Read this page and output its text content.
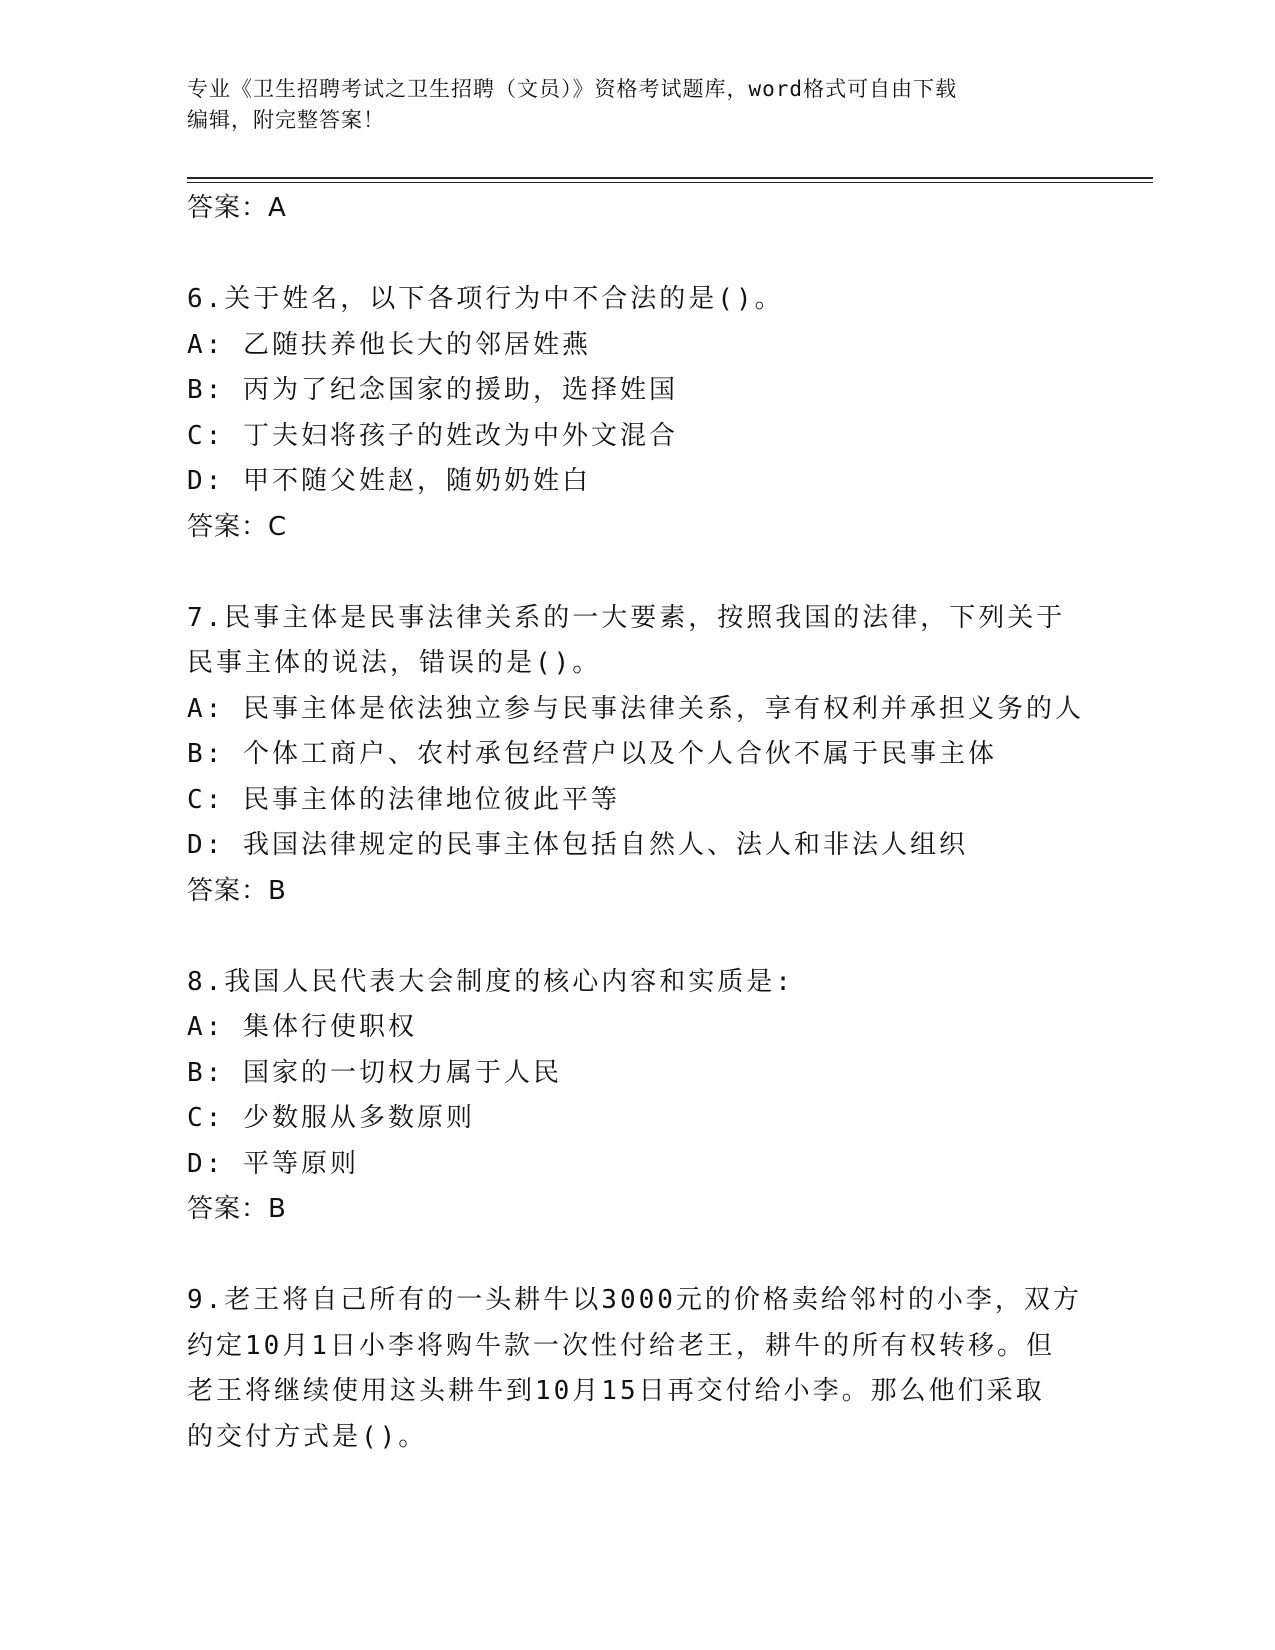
专业《卫生招聘考试之卫生招聘（文员）》资格考试题库，word格式可自由下载
编辑，附完整答案！
答案：A
6.关于姓名，以下各项行为中不合法的是()。
A: 乙随扶养他长大的邻居姓燕
B: 丙为了纪念国家的援助，选择姓国
C: 丁夫妇将孩子的姓改为中外文混合
D: 甲不随父姓赵，随奶奶姓白
答案：C
7.民事主体是民事法律关系的一大要素，按照我国的法律，下列关于
民事主体的说法，错误的是()。
A: 民事主体是依法独立参与民事法律关系，享有权利并承担义务的人
B: 个体工商户、农村承包经营户以及个人合伙不属于民事主体
C: 民事主体的法律地位彼此平等
D: 我国法律规定的民事主体包括自然人、法人和非法人组织
答案：B
8.我国人民代表大会制度的核心内容和实质是:
A: 集体行使职权
B: 国家的一切权力属于人民
C: 少数服从多数原则
D: 平等原则
答案：B
9.老王将自己所有的一头耕牛以3000元的价格卖给邻村的小李，双方
约定10月1日小李将购牛款一次性付给老王，耕牛的所有权转移。但
老王将继续使用这头耕牛到10月15日再交付给小李。那么他们采取
的交付方式是()。
